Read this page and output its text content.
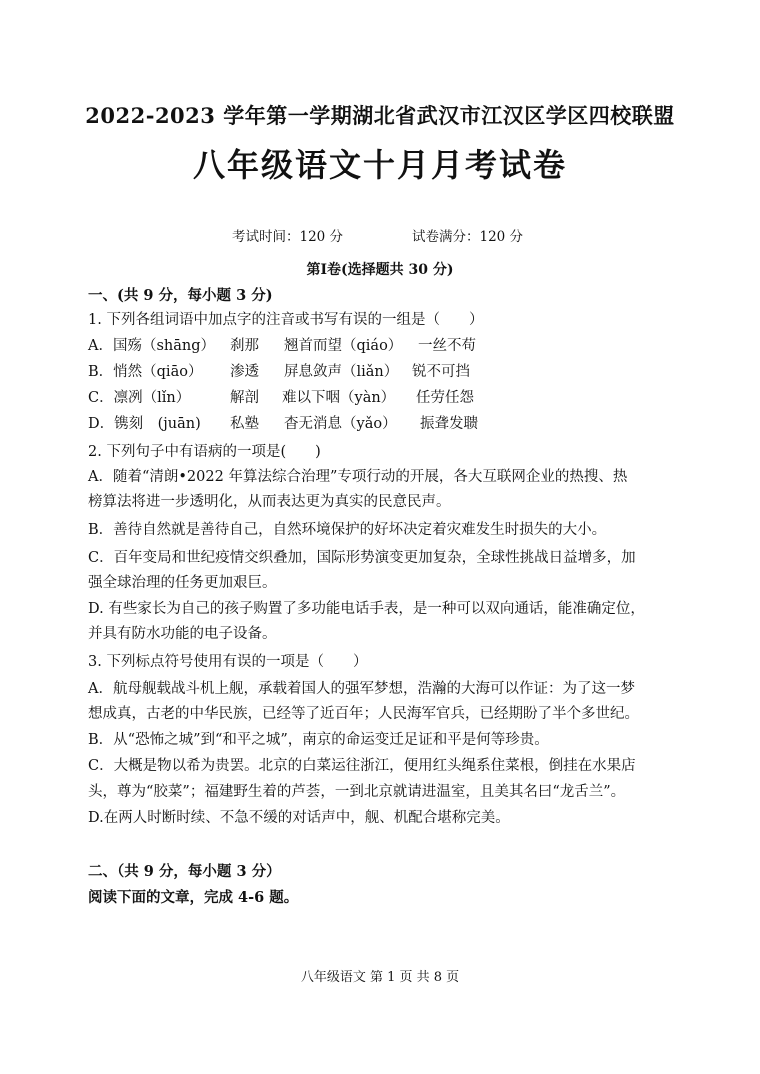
2022-2023 学年第一学期湖北省武汉市江汉区学区四校联盟
八年级语文十月月考试卷
考试时间：120 分	试卷满分：120 分
第Ⅰ卷(选择题共 30 分)
一、(共 9 分，每小题 3 分)
1. 下列各组词语中加点字的注音或书写有误的一组是（　　）
A．国殇（shāng） 刹那 翘首而望（qiáo） 一丝不苟
B．悄然（qiāo） 渗透 屏息敛声（liǎn） 锐不可挡
C．凛冽（lǐn）	解剖 难以下咽（yàn） 任劳任怨
D．镌刻　(juān) 私塾 杳无消息（yǎo） 振聋发聩
2. 下列句子中有语病的一项是(　　)
A．随着“清朗•2022 年算法综合治理”专项行动的开展，各大互联网企业的热搜、热
榜算法将进一步透明化，从而表达更为真实的民意民声。
B．善待自然就是善待自己，自然环境保护的好坏决定着灾难发生时损失的大小。
C．百年变局和世纪疫情交织叠加，国际形势演变更加复杂，全球性挑战日益增多，加
强全球治理的任务更加艰巨。
D. 有些家长为自己的孩子购置了多功能电话手表，是一种可以双向通话，能准确定位，
并具有防水功能的电子设备。
3. 下列标点符号使用有误的一项是（　　）
A．航母舰载战斗机上舰，承载着国人的强军梦想，浩瀚的大海可以作证：为了这一梦
想成真，古老的中华民族，已经等了近百年；人民海军官兵，已经期盼了半个多世纪。
B．从“恐怖之城”到“和平之城”，南京的命运变迁足证和平是何等珍贵。
C．大概是物以希为贵罢。北京的白菜运往浙江，便用红头绳系住菜根，倒挂在水果店
头，尊为“胶菜”；福建野生着的芦荟，一到北京就请进温室，且美其名曰“龙舌兰”。
D.在两人时断时续、不急不缓的对话声中，舰、机配合堪称完美。
二、（共 9 分，每小题 3 分）
阅读下面的文章，完成 4-6 题。
八年级语文 第 1 页 共 8 页
